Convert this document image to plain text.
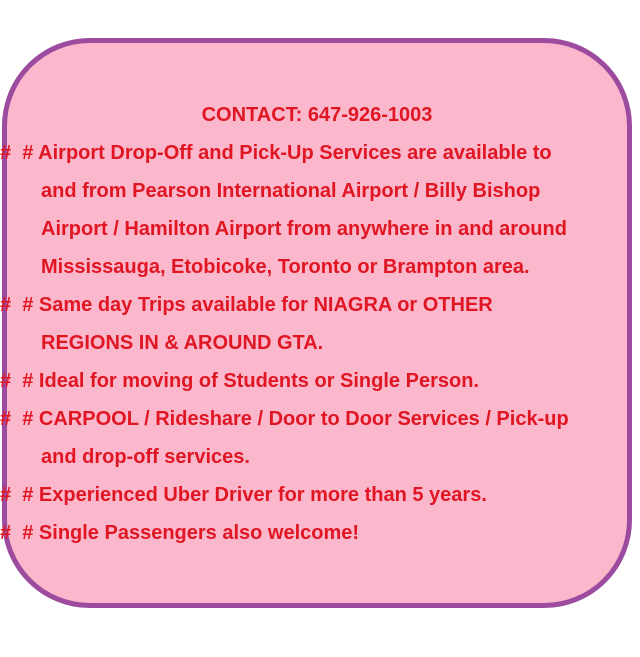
CONTACT: 647-926-1003
#  # Airport Drop-Off and Pick-Up Services are available to
and from Pearson International Airport / Billy Bishop
Airport / Hamilton Airport from anywhere in and around
Mississauga, Etobicoke, Toronto or Brampton area.
#  # Same day Trips available for NIAGRA or OTHER
REGIONS IN & AROUND GTA.
#  # Ideal for moving of Students or Single Person.
#  # CARPOOL / Rideshare / Door to Door Services / Pick-up
and drop-off services.
#  # Experienced Uber Driver for more than 5 years.
#  # Single Passengers also welcome!
